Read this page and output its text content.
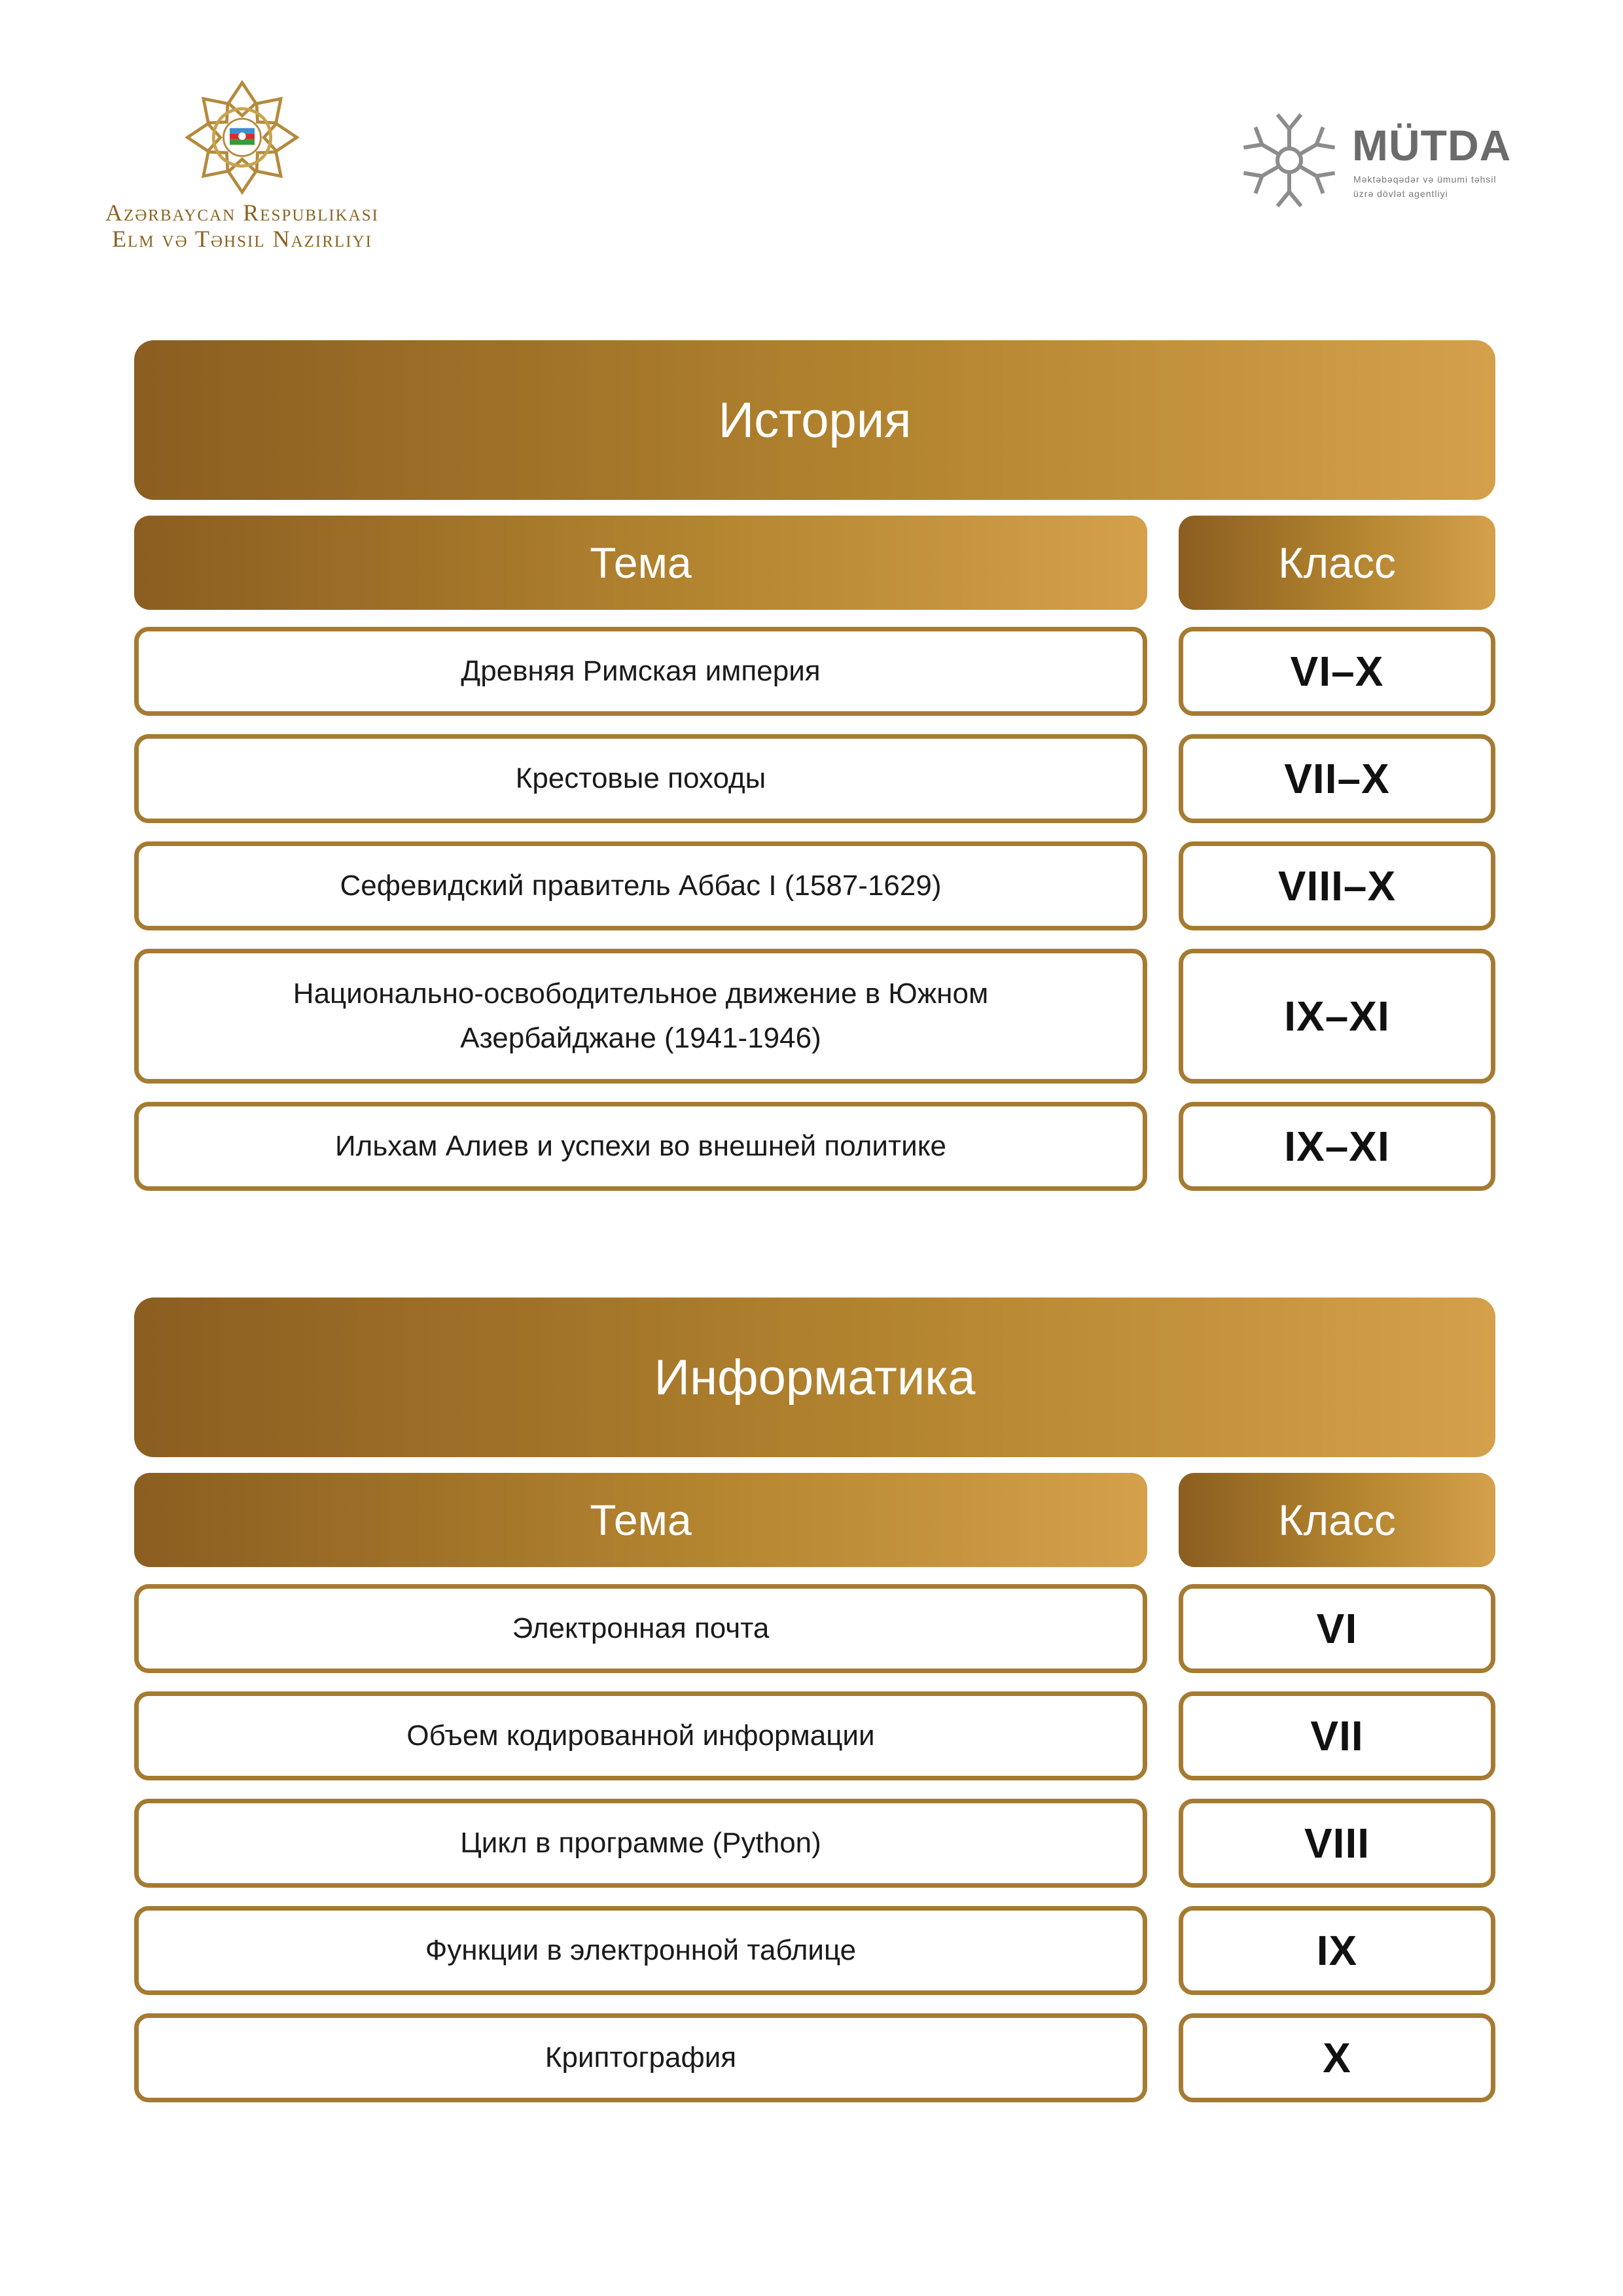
Azərbaycan Respublikasi
Elm və Təhsil Nazirliyi
MÜTDA
Məktəbəqədər və ümumi təhsil
üzrə dövlət agentliyi
История
Тема	Класс
Древняя Римская империя	VI–X
Крестовые походы	VII–X
Сефевидский правитель Аббас I (1587-1629)	VIII–X
Национально-освободительное движение в Южном
Азербайджане (1941-1946)	IX–XI
Ильхам Алиев и успехи во внешней политике	IX–XI
Информатика
Тема	Класс
Электронная почта	VI
Объем кодированной информации	VII
Цикл в программе (Python)	VIII
Функции в электронной таблице	IX
Криптография	X
